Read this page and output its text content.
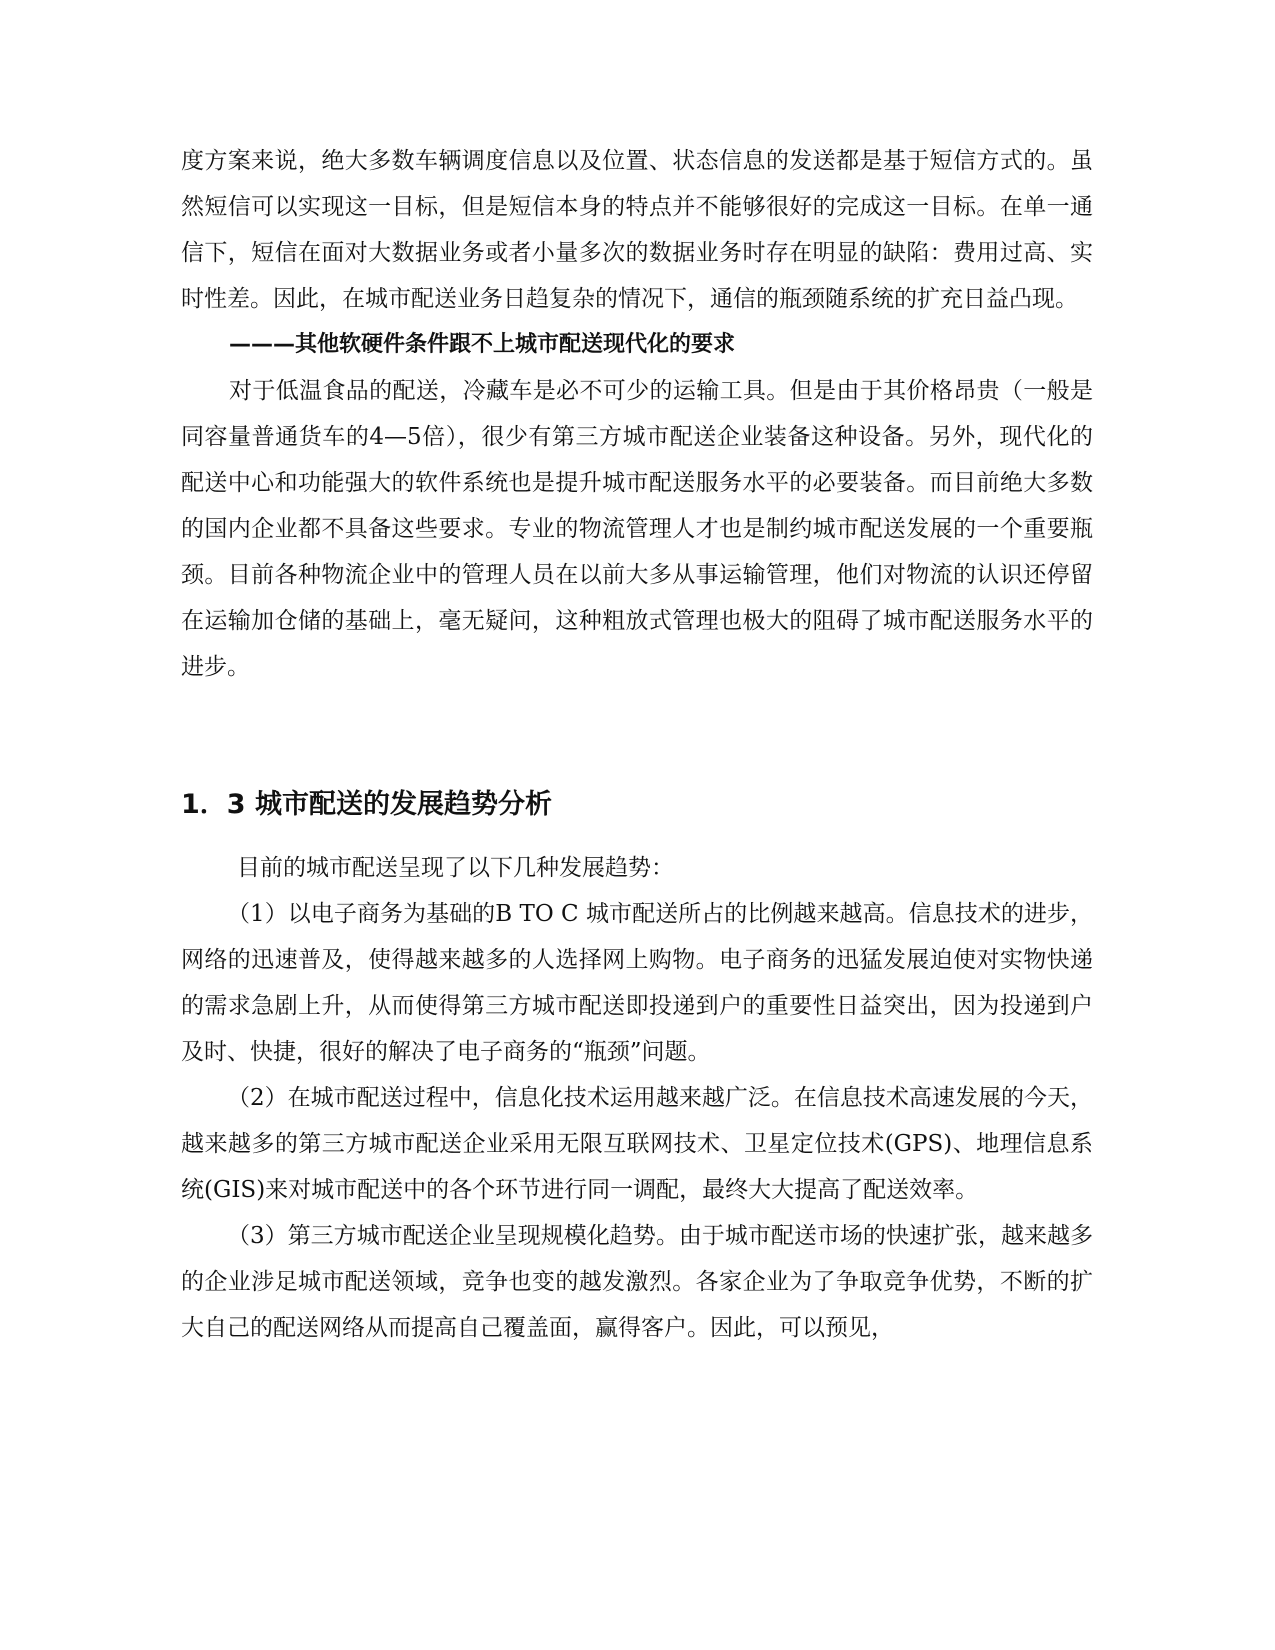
度方案来说，绝大多数车辆调度信息以及位置、状态信息的发送都是基于短信方式的。虽然短信可以实现这一目标，但是短信本身的特点并不能够很好的完成这一目标。在单一通信下，短信在面对大数据业务或者小量多次的数据业务时存在明显的缺陷：费用过高、实时性差。因此，在城市配送业务日趋复杂的情况下，通信的瓶颈随系统的扩充日益凸现。

———其他软硬件条件跟不上城市配送现代化的要求

对于低温食品的配送，冷藏车是必不可少的运输工具。但是由于其价格昂贵（一般是同容量普通货车的4—5倍），很少有第三方城市配送企业装备这种设备。另外，现代化的配送中心和功能强大的软件系统也是提升城市配送服务水平的必要装备。而目前绝大多数的国内企业都不具备这些要求。专业的物流管理人才也是制约城市配送发展的一个重要瓶颈。目前各种物流企业中的管理人员在以前大多从事运输管理，他们对物流的认识还停留在运输加仓储的基础上，毫无疑问，这种粗放式管理也极大的阻碍了城市配送服务水平的进步。

1．3 城市配送的发展趋势分析

目前的城市配送呈现了以下几种发展趋势：

（1）以电子商务为基础的B TO C 城市配送所占的比例越来越高。信息技术的进步，网络的迅速普及，使得越来越多的人选择网上购物。电子商务的迅猛发展迫使对实物快递的需求急剧上升，从而使得第三方城市配送即投递到户的重要性日益突出，因为投递到户及时、快捷，很好的解决了电子商务的“瓶颈”问题。

（2）在城市配送过程中，信息化技术运用越来越广泛。在信息技术高速发展的今天，越来越多的第三方城市配送企业采用无限互联网技术、卫星定位技术(GPS)、地理信息系统(GIS)来对城市配送中的各个环节进行同一调配，最终大大提高了配送效率。

（3）第三方城市配送企业呈现规模化趋势。由于城市配送市场的快速扩张，越来越多的企业涉足城市配送领域，竞争也变的越发激烈。各家企业为了争取竞争优势，不断的扩大自己的配送网络从而提高自己覆盖面，赢得客户。因此，可以预见，
